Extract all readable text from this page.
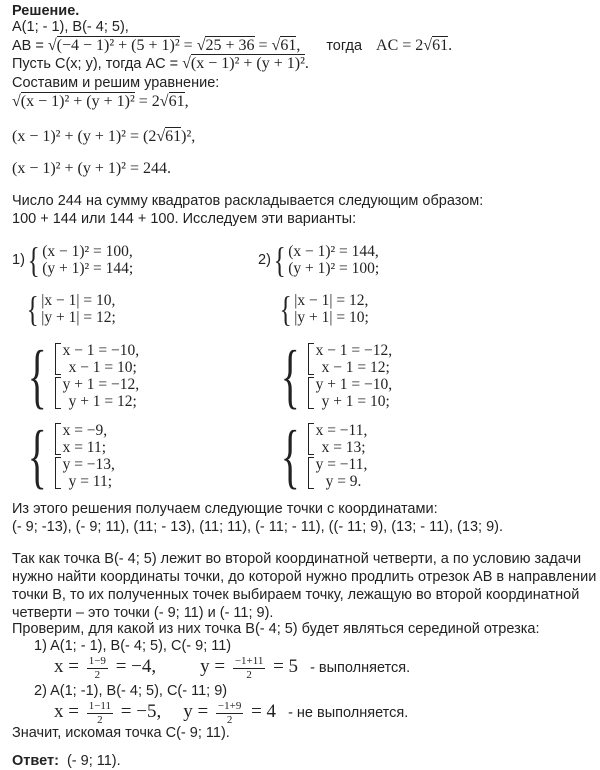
Решение.
A(1; - 1), B(- 4; 5),
AB = √(−4 − 1)² + (5 + 1)² = √25 + 36 = √61, тогда AC = 2√61.
Пусть С(х; у), тогда AC = √(x − 1)² + (y + 1)².
Составим и решим уравнение:
√(x − 1)² + (y + 1)² = 2√61,
(x − 1)² + (y + 1)² = (2√61)²,
(x − 1)² + (y + 1)² = 244.
Число 244 на сумму квадратов раскладывается следующим образом:
100 + 144 или 144 + 100. Исследуем эти варианты:
1) { (x − 1)² = 100,
(y + 1)² = 144;
{ |x − 1| = 10,
|y + 1| = 12;
{ x − 1 = −10,
x − 1 = 10;
y + 1 = −12,
y + 1 = 12;
{ x = −9,
x = 11;
y = −13,
y = 11;
2) { (x − 1)² = 144,
(y + 1)² = 100;
{ |x − 1| = 12,
|y + 1| = 10;
{ x − 1 = −12,
x − 1 = 12;
y + 1 = −10,
y + 1 = 10;
{ x = −11,
x = 13;
y = −11,
y = 9.
Из этого решения получаем следующие точки с координатами:
(- 9; -13), (- 9; 11), (11; - 13), (11; 11), (- 11; - 11), ((- 11; 9), (13; - 11), (13; 9).
Так как точка В(- 4; 5) лежит во второй координатной четверти, а по условию задачи
нужно найти координаты точки, до которой нужно продлить отрезок АВ в направлении
точки В, то их полученных точек выбираем точку, лежащую во второй координатной
четверти – это точки (- 9; 11) и (- 11; 9).
Проверим, для какой из них точка В(- 4; 5) будет являться серединой отрезка:
1) A(1; - 1), B(- 4; 5), C(- 9; 11)
$x = \frac{1-9}{2} = -4$, $y = \frac{-1+11}{2} = 5$ - выполняется.
2) A(1; -1), B(- 4; 5), C(- 11; 9)
$x = \frac{1-11}{2} = -5$, $y = \frac{-1+9}{2} = 4$ - не выполняется.
Значит, искомая точка С(- 9; 11).
Ответ: (- 9; 11).
